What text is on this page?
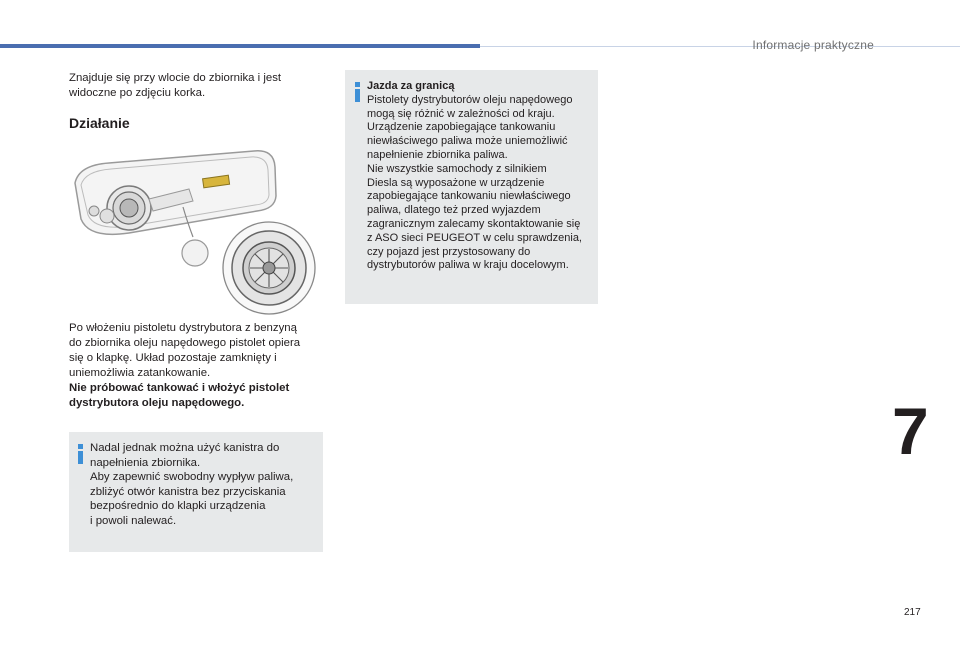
Informacje praktyczne
7
217
Znajduje się przy wlocie do zbiornika i jest
widoczne po zdjęciu korka.
Działanie
Po włożeniu pistoletu dystrybutora z benzyną
do zbiornika oleju napędowego pistolet opiera
się o klapkę. Układ pozostaje zamknięty i
uniemożliwia zatankowanie.
Nie próbować tankować i włożyć pistolet
dystrybutora oleju napędowego.
Nadal jednak można użyć kanistra do
napełnienia zbiornika.
Aby zapewnić swobodny wypływ paliwa,
zbliżyć otwór kanistra bez przyciskania
bezpośrednio do klapki urządzenia
i powoli nalewać.
Jazda za granicą
Pistolety dystrybutorów oleju napędowego
mogą się różnić w zależności od kraju.
Urządzenie zapobiegające tankowaniu
niewłaściwego paliwa może uniemożliwić
napełnienie zbiornika paliwa.
Nie wszystkie samochody z silnikiem
Diesla są wyposażone w urządzenie
zapobiegające tankowaniu niewłaściwego
paliwa, dlatego też przed wyjazdem
zagranicznym zalecamy skontaktowanie się
z ASO sieci PEUGEOT w celu sprawdzenia,
czy pojazd jest przystosowany do
dystrybutorów paliwa w kraju docelowym.
